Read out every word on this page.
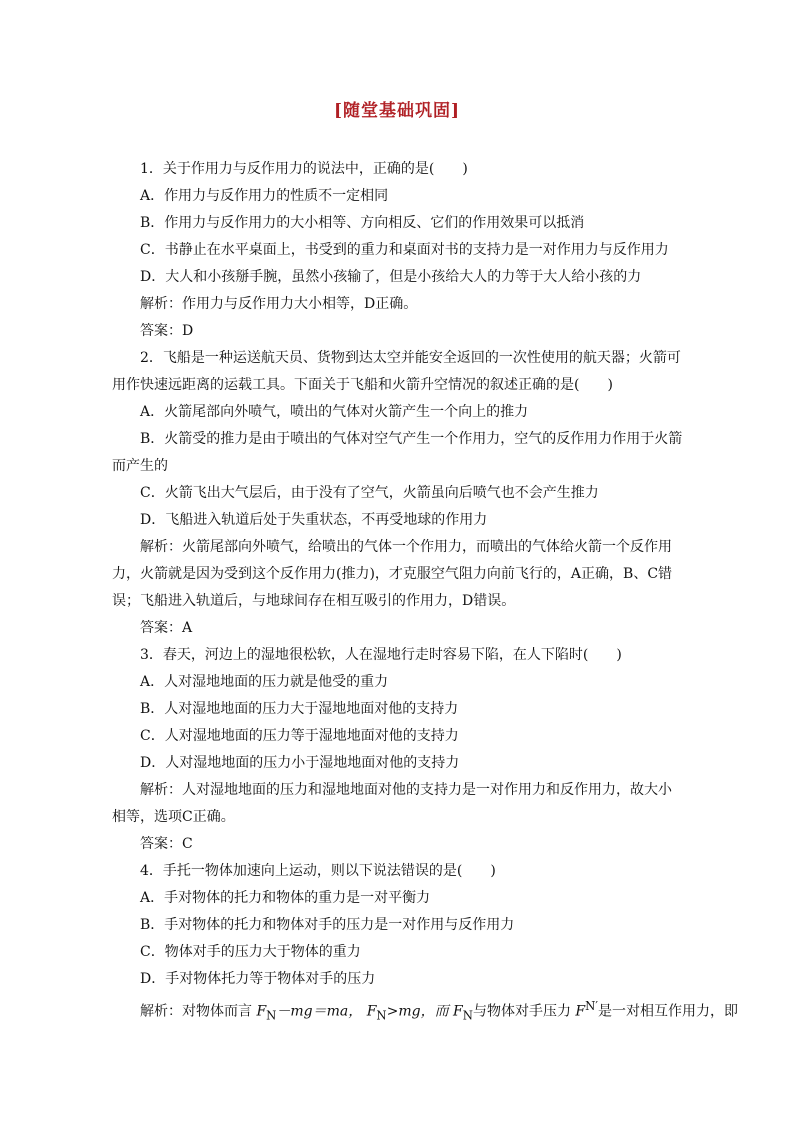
[随堂基础巩固]
1．关于作用力与反作用力的说法中，正确的是(　　)
A．作用力与反作用力的性质不一定相同
B．作用力与反作用力的大小相等、方向相反、它们的作用效果可以抵消
C．书静止在水平桌面上，书受到的重力和桌面对书的支持力是一对作用力与反作用力
D．大人和小孩掰手腕，虽然小孩输了，但是小孩给大人的力等于大人给小孩的力
解析：作用力与反作用力大小相等，D正确。
答案：D
2．飞船是一种运送航天员、货物到达太空并能安全返回的一次性使用的航天器；火箭可
用作快速远距离的运载工具。下面关于飞船和火箭升空情况的叙述正确的是(　　)
A．火箭尾部向外喷气，喷出的气体对火箭产生一个向上的推力
B．火箭受的推力是由于喷出的气体对空气产生一个作用力，空气的反作用力作用于火箭
而产生的
C．火箭飞出大气层后，由于没有了空气，火箭虽向后喷气也不会产生推力
D．飞船进入轨道后处于失重状态，不再受地球的作用力
解析：火箭尾部向外喷气，给喷出的气体一个作用力，而喷出的气体给火箭一个反作用
力，火箭就是因为受到这个反作用力(推力)，才克服空气阻力向前飞行的，A正确，B、C错
误；飞船进入轨道后，与地球间存在相互吸引的作用力，D错误。
答案：A
3．春天，河边上的湿地很松软，人在湿地行走时容易下陷，在人下陷时(　　)
A．人对湿地地面的压力就是他受的重力
B．人对湿地地面的压力大于湿地地面对他的支持力
C．人对湿地地面的压力等于湿地地面对他的支持力
D．人对湿地地面的压力小于湿地地面对他的支持力
解析：人对湿地地面的压力和湿地地面对他的支持力是一对作用力和反作用力，故大小
相等，选项C正确。
答案：C
4．手托一物体加速向上运动，则以下说法错误的是(　　)
A．手对物体的托力和物体的重力是一对平衡力
B．手对物体的托力和物体对手的压力是一对作用与反作用力
C．物体对手的压力大于物体的重力
D．手对物体托力等于物体对手的压力
解析：对物体而言 $F_N-mg=ma$， $F_N>mg$，而 $F_N$与物体对手压力 $F^{N'}$是一对相互作用力，即
